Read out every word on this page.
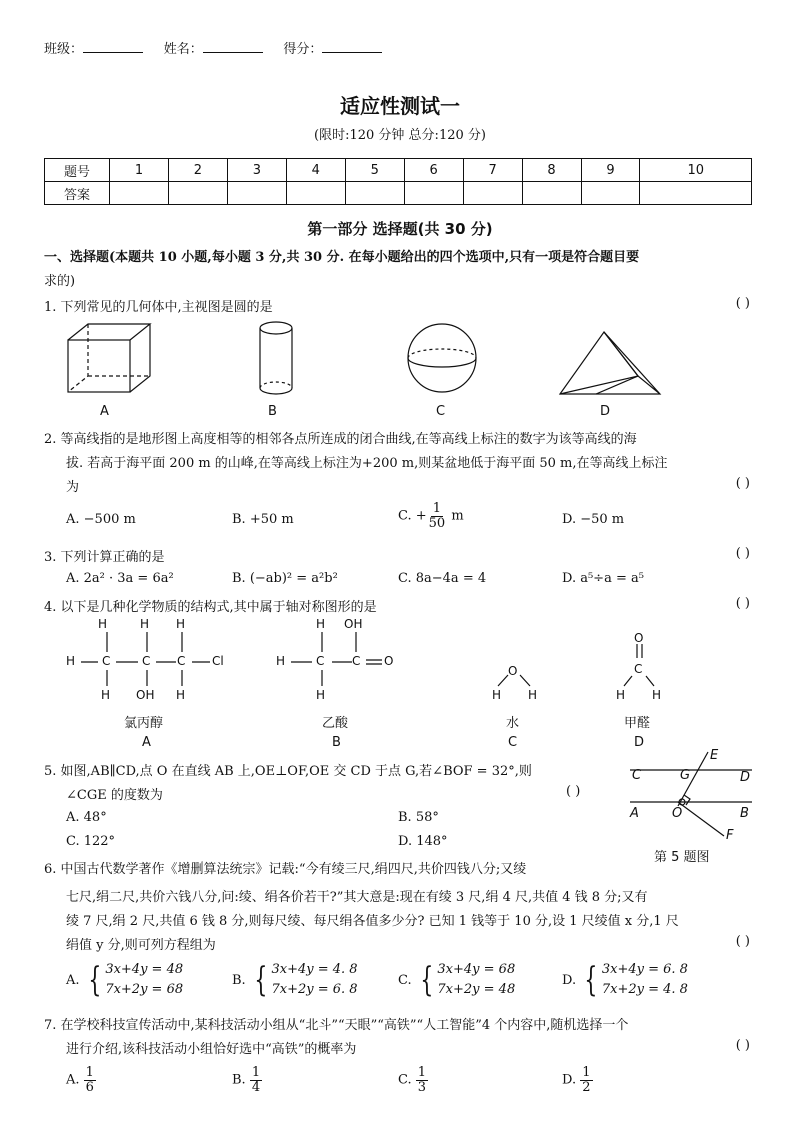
班级：	姓名：	得分：
适应性测试一
(限时:120 分钟 总分:120 分)
题号	1	2	3	4	5	6	7	8	9	10
答案										
第一部分 选择题(共 30 分)
一、选择题(本题共 10 小题,每小题 3 分,共 30 分. 在每小题给出的四个选项中,只有一项是符合题目要
求的)
1. 下列常见的几何体中,主视图是圆的是	( )
A	B	C	D
2. 等高线指的是地形图上高度相等的相邻各点所连成的闭合曲线,在等高线上标注的数字为该等高线的海
拔. 若高于海平面 200 m 的山峰,在等高线上标注为+200 m,则某盆地低于海平面 50 m,在等高线上标注
为	( )
A. −500 m	B. +50 m	C. + $\frac{1}{50}$ m	D. −50 m
3. 下列计算正确的是	( )
A. 2a² · 3a = 6a²	B. (−ab)² = a²b²	C. 8a−4a = 4	D. a⁵÷a = a⁵
4. 以下是几种化学物质的结构式,其中属于轴对称图形的是	( )
H	H H
H C	C C Cl
H OH H
H OH
H	C C O
H
O
H H
O
C
H H
氯丙醇	乙酸	水	甲醛
A	B	C	D
5. 如图,AB∥CD,点 O 在直线 AB 上,OE⊥OF,OE 交 CD 于点 G,若∠BOF = 32°,则
∠CGE 的度数为	( )
A. 48°	B. 58°
C. 122°	D. 148°
C	G
E
D
A	O	B
F
第 5 题图
6. 中国古代数学著作《增删算法统宗》记载:“今有绫三尺,绢四尺,共价四钱八分;又绫
七尺,绢二尺,共价六钱八分,问:绫、绢各价若干?”其大意是:现在有绫 3 尺,绢 4 尺,共值 4 钱 8 分;又有
绫 7 尺,绢 2 尺,共值 6 钱 8 分,则每尺绫、每尺绢各值多少分? 已知 1 钱等于 10 分,设 1 尺绫值 x 分,1 尺
绢值 y 分,则可列方程组为	( )
A.
{ 3x+4y = 48
7x+2y = 68
B.
{ 3x+4y = 4. 8
7x+2y = 6. 8
C.
{ 3x+4y = 68
7x+2y = 48
D.
{ 3x+4y = 6. 8
7x+2y = 4. 8
7. 在学校科技宣传活动中,某科技活动小组从“北斗”“天眼”“高铁”“人工智能”4 个内容中,随机选择一个
进行介绍,该科技活动小组恰好选中“高铁”的概率为	( )
A. $\frac{1}{6}$	B. $\frac{1}{4}$	C. $\frac{1}{3}$	D. $\frac{1}{2}$
